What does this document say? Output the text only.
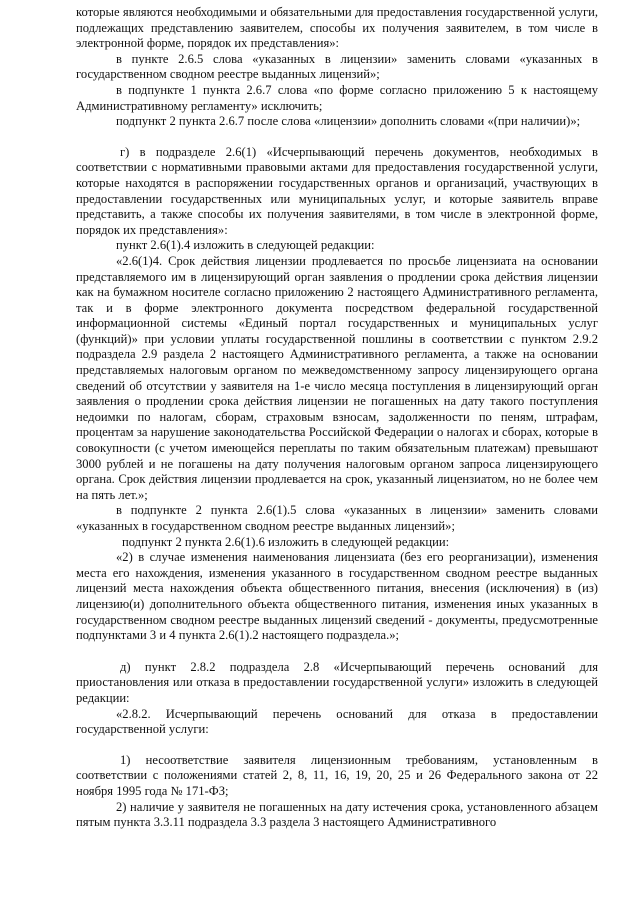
которые являются необходимыми и обязательными для предоставления государственной услуги, подлежащих представлению заявителем, способы их получения заявителем, в том числе в электронной форме, порядок их представления»:

в пункте 2.6.5 слова «указанных в лицензии» заменить словами «указанных в государственном сводном реестре выданных лицензий»;

в подпункте 1 пункта 2.6.7 слова «по форме согласно приложению 5 к настоящему Административному регламенту» исключить;

подпункт 2 пункта 2.6.7 после слова «лицензии» дополнить словами «(при наличии)»;

г) в подразделе 2.6(1) «Исчерпывающий перечень документов, необходимых в соответствии с нормативными правовыми актами для предоставления государственной услуги, которые находятся в распоряжении государственных органов и организаций, участвующих в предоставлении государственных или муниципальных услуг, и которые заявитель вправе представить, а также способы их получения заявителями, в том числе в электронной форме, порядок их представления»:

пункт 2.6(1).4 изложить в следующей редакции:

«2.6(1)4. Срок действия лицензии продлевается по просьбе лицензиата на основании представляемого им в лицензирующий орган заявления о продлении срока действия лицензии как на бумажном носителе согласно приложению 2 настоящего Административного регламента, так и в форме электронного документа посредством федеральной государственной информационной системы «Единый портал государственных и муниципальных услуг (функций)» при условии уплаты государственной пошлины в соответствии с пунктом 2.9.2 подраздела 2.9 раздела 2 настоящего Административного регламента, а также на основании представляемых налоговым органом по межведомственному запросу лицензирующего органа сведений об отсутствии у заявителя на 1-е число месяца поступления в лицензирующий орган заявления о продлении срока действия лицензии не погашенных на дату такого поступления недоимки по налогам, сборам, страховым взносам, задолженности по пеням, штрафам, процентам за нарушение законодательства Российской Федерации о налогах и сборах, которые в совокупности (с учетом имеющейся переплаты по таким обязательным платежам) превышают 3000 рублей и не погашены на дату получения налоговым органом запроса лицензирующего органа. Срок действия лицензии продлевается на срок, указанный лицензиатом, но не более чем на пять лет.»;

в подпункте 2 пункта 2.6(1).5 слова «указанных в лицензии» заменить словами «указанных в государственном сводном реестре выданных лицензий»;

подпункт 2 пункта 2.6(1).6 изложить в следующей редакции:

«2) в случае изменения наименования лицензиата (без его реорганизации), изменения места его нахождения, изменения указанного в государственном сводном реестре выданных лицензий места нахождения объекта общественного питания, внесения (исключения) в (из) лицензию(и) дополнительного объекта общественного питания, изменения иных указанных в государственном сводном реестре выданных лицензий сведений - документы, предусмотренные подпунктами 3 и 4 пункта 2.6(1).2 настоящего подраздела.»;

д) пункт 2.8.2 подраздела 2.8 «Исчерпывающий перечень оснований для приостановления или отказа в предоставлении государственной услуги» изложить в следующей редакции:

«2.8.2. Исчерпывающий перечень оснований для отказа в предоставлении государственной услуги:

1) несоответствие заявителя лицензионным требованиям, установленным в соответствии с положениями статей 2, 8, 11, 16, 19, 20, 25 и 26 Федерального закона от 22 ноября 1995 года № 171-ФЗ;

2) наличие у заявителя не погашенных на дату истечения срока, установленного абзацем пятым пункта 3.3.11 подраздела 3.3 раздела 3 настоящего Административного
